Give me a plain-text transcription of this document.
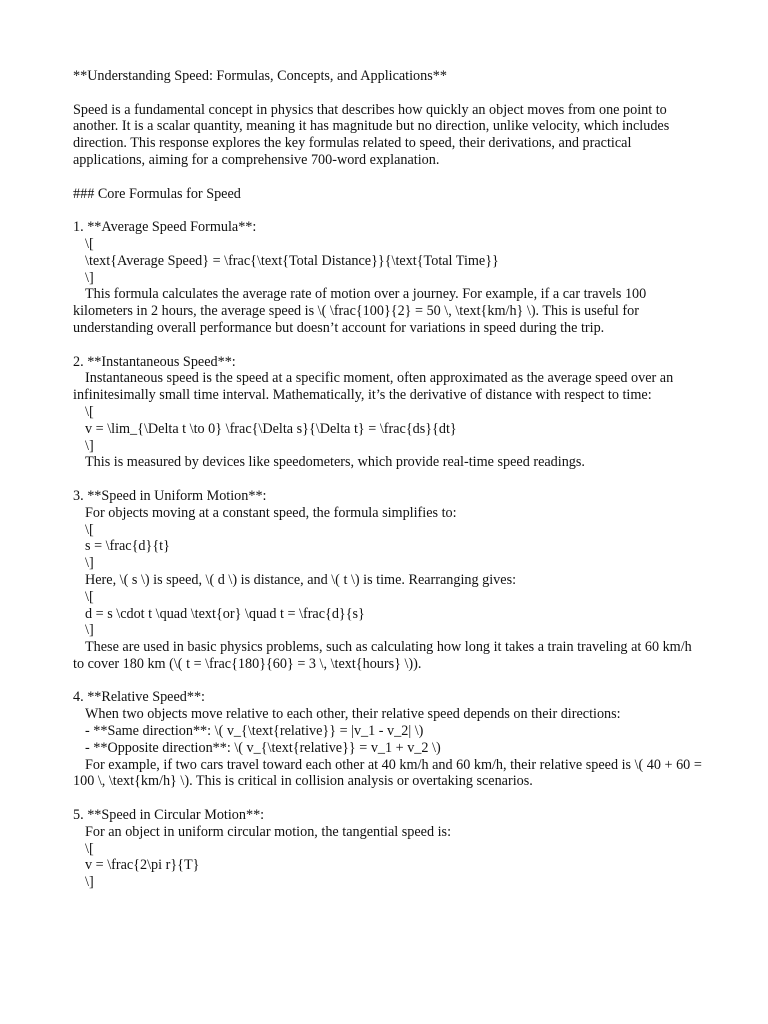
**Understanding Speed: Formulas, Concepts, and Applications**
Speed is a fundamental concept in physics that describes how quickly an object moves from one point to another. It is a scalar quantity, meaning it has magnitude but no direction, unlike velocity, which includes direction. This response explores the key formulas related to speed, their derivations, and practical applications, aiming for a comprehensive 700-word explanation.
### Core Formulas for Speed
1. **Average Speed Formula**:
\[
\text{Average Speed} = \frac{\text{Total Distance}}{\text{Total Time}}
\]
This formula calculates the average rate of motion over a journey. For example, if a car travels 100 kilometers in 2 hours, the average speed is \( \frac{100}{2} = 50 \, \text{km/h} \). This is useful for understanding overall performance but doesn’t account for variations in speed during the trip.
2. **Instantaneous Speed**:
Instantaneous speed is the speed at a specific moment, often approximated as the average speed over an infinitesimally small time interval. Mathematically, it’s the derivative of distance with respect to time:
\[
v = \lim_{\Delta t \to 0} \frac{\Delta s}{\Delta t} = \frac{ds}{dt}
\]
This is measured by devices like speedometers, which provide real-time speed readings.
3. **Speed in Uniform Motion**:
For objects moving at a constant speed, the formula simplifies to:
\[
s = \frac{d}{t}
\]
Here, \( s \) is speed, \( d \) is distance, and \( t \) is time. Rearranging gives:
\[
d = s \cdot t \quad \text{or} \quad t = \frac{d}{s}
\]
These are used in basic physics problems, such as calculating how long it takes a train traveling at 60 km/h to cover 180 km (\( t = \frac{180}{60} = 3 \, \text{hours} \)).
4. **Relative Speed**:
When two objects move relative to each other, their relative speed depends on their directions:
- **Same direction**: \( v_{\text{relative}} = |v_1 - v_2| \)
- **Opposite direction**: \( v_{\text{relative}} = v_1 + v_2 \)
For example, if two cars travel toward each other at 40 km/h and 60 km/h, their relative speed is \( 40 + 60 = 100 \, \text{km/h} \). This is critical in collision analysis or overtaking scenarios.
5. **Speed in Circular Motion**:
For an object in uniform circular motion, the tangential speed is:
\[
v = \frac{2\pi r}{T}
\]
